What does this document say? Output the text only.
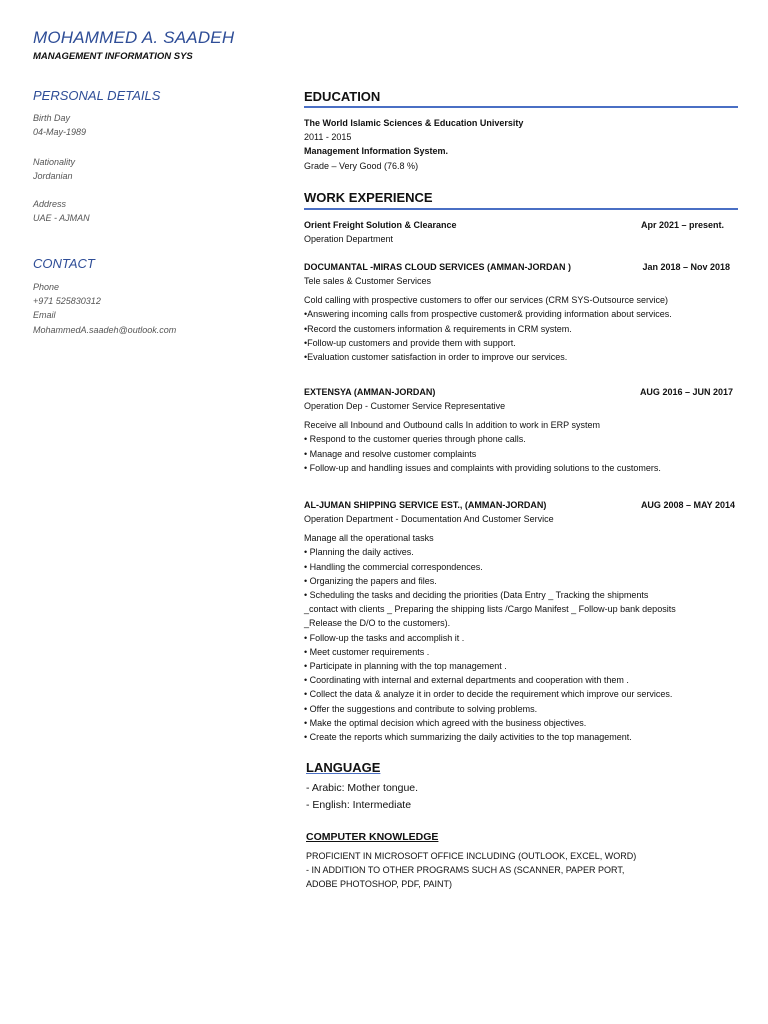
MOHAMMED A. SAADEH
MANAGEMENT INFORMATION SYS
PERSONAL DETAILS
Birth Day
04-May-1989
Nationality
Jordanian
Address
UAE - AJMAN
CONTACT
Phone
+971 525830312
Email
MohammedA.saadeh@outlook.com
EDUCATION
The World Islamic Sciences & Education University
2011 - 2015
Management Information System.
Grade – Very Good (76.8 %)
WORK EXPERIENCE
Orient Freight Solution & Clearance	Apr 2021 – present.
Operation Department
DOCUMANTAL -MIRAS CLOUD SERVICES (AMMAN-JORDAN )	Jan 2018 – Nov 2018
Tele sales & Customer Services
Cold calling with prospective customers to offer our services (CRM SYS-Outsource service)
•Answering incoming calls from prospective customer& providing information about services.
•Record the customers information & requirements in CRM system.
•Follow-up customers and provide them with support.
•Evaluation customer satisfaction in order to improve our services.
EXTENSYA (AMMAN-JORDAN)	AUG 2016 – JUN 2017
Operation Dep - Customer Service Representative
Receive all Inbound and Outbound calls In addition to work in ERP system
• Respond to the customer queries through phone calls.
• Manage and resolve customer complaints
• Follow-up and handling issues and complaints with providing solutions to the customers.
AL-JUMAN SHIPPING SERVICE EST., (AMMAN-JORDAN)	AUG 2008 – MAY 2014
Operation Department - Documentation And Customer Service
Manage all the operational tasks
• Planning the daily actives.
• Handling the commercial correspondences.
• Organizing the papers and files.
• Scheduling the tasks and deciding the priorities (Data Entry _ Tracking the shipments
_contact with clients _ Preparing the shipping lists /Cargo Manifest _ Follow-up bank deposits
_Release the D/O to the customers).
• Follow-up the tasks and accomplish it .
• Meet customer requirements .
• Participate in planning with the top management .
• Coordinating with internal and external departments and cooperation with them .
• Collect the data & analyze it in order to decide the requirement which improve our services.
• Offer the suggestions and contribute to solving problems.
• Make the optimal decision which agreed with the business objectives.
• Create the reports which summarizing the daily activities to the top management.
LANGUAGE
- Arabic: Mother tongue.
- English: Intermediate
COMPUTER KNOWLEDGE
PROFICIENT IN MICROSOFT OFFICE INCLUDING (OUTLOOK, EXCEL, WORD)
- IN ADDITION TO OTHER PROGRAMS SUCH AS (SCANNER, PAPER PORT,
ADOBE PHOTOSHOP, PDF, PAINT)
